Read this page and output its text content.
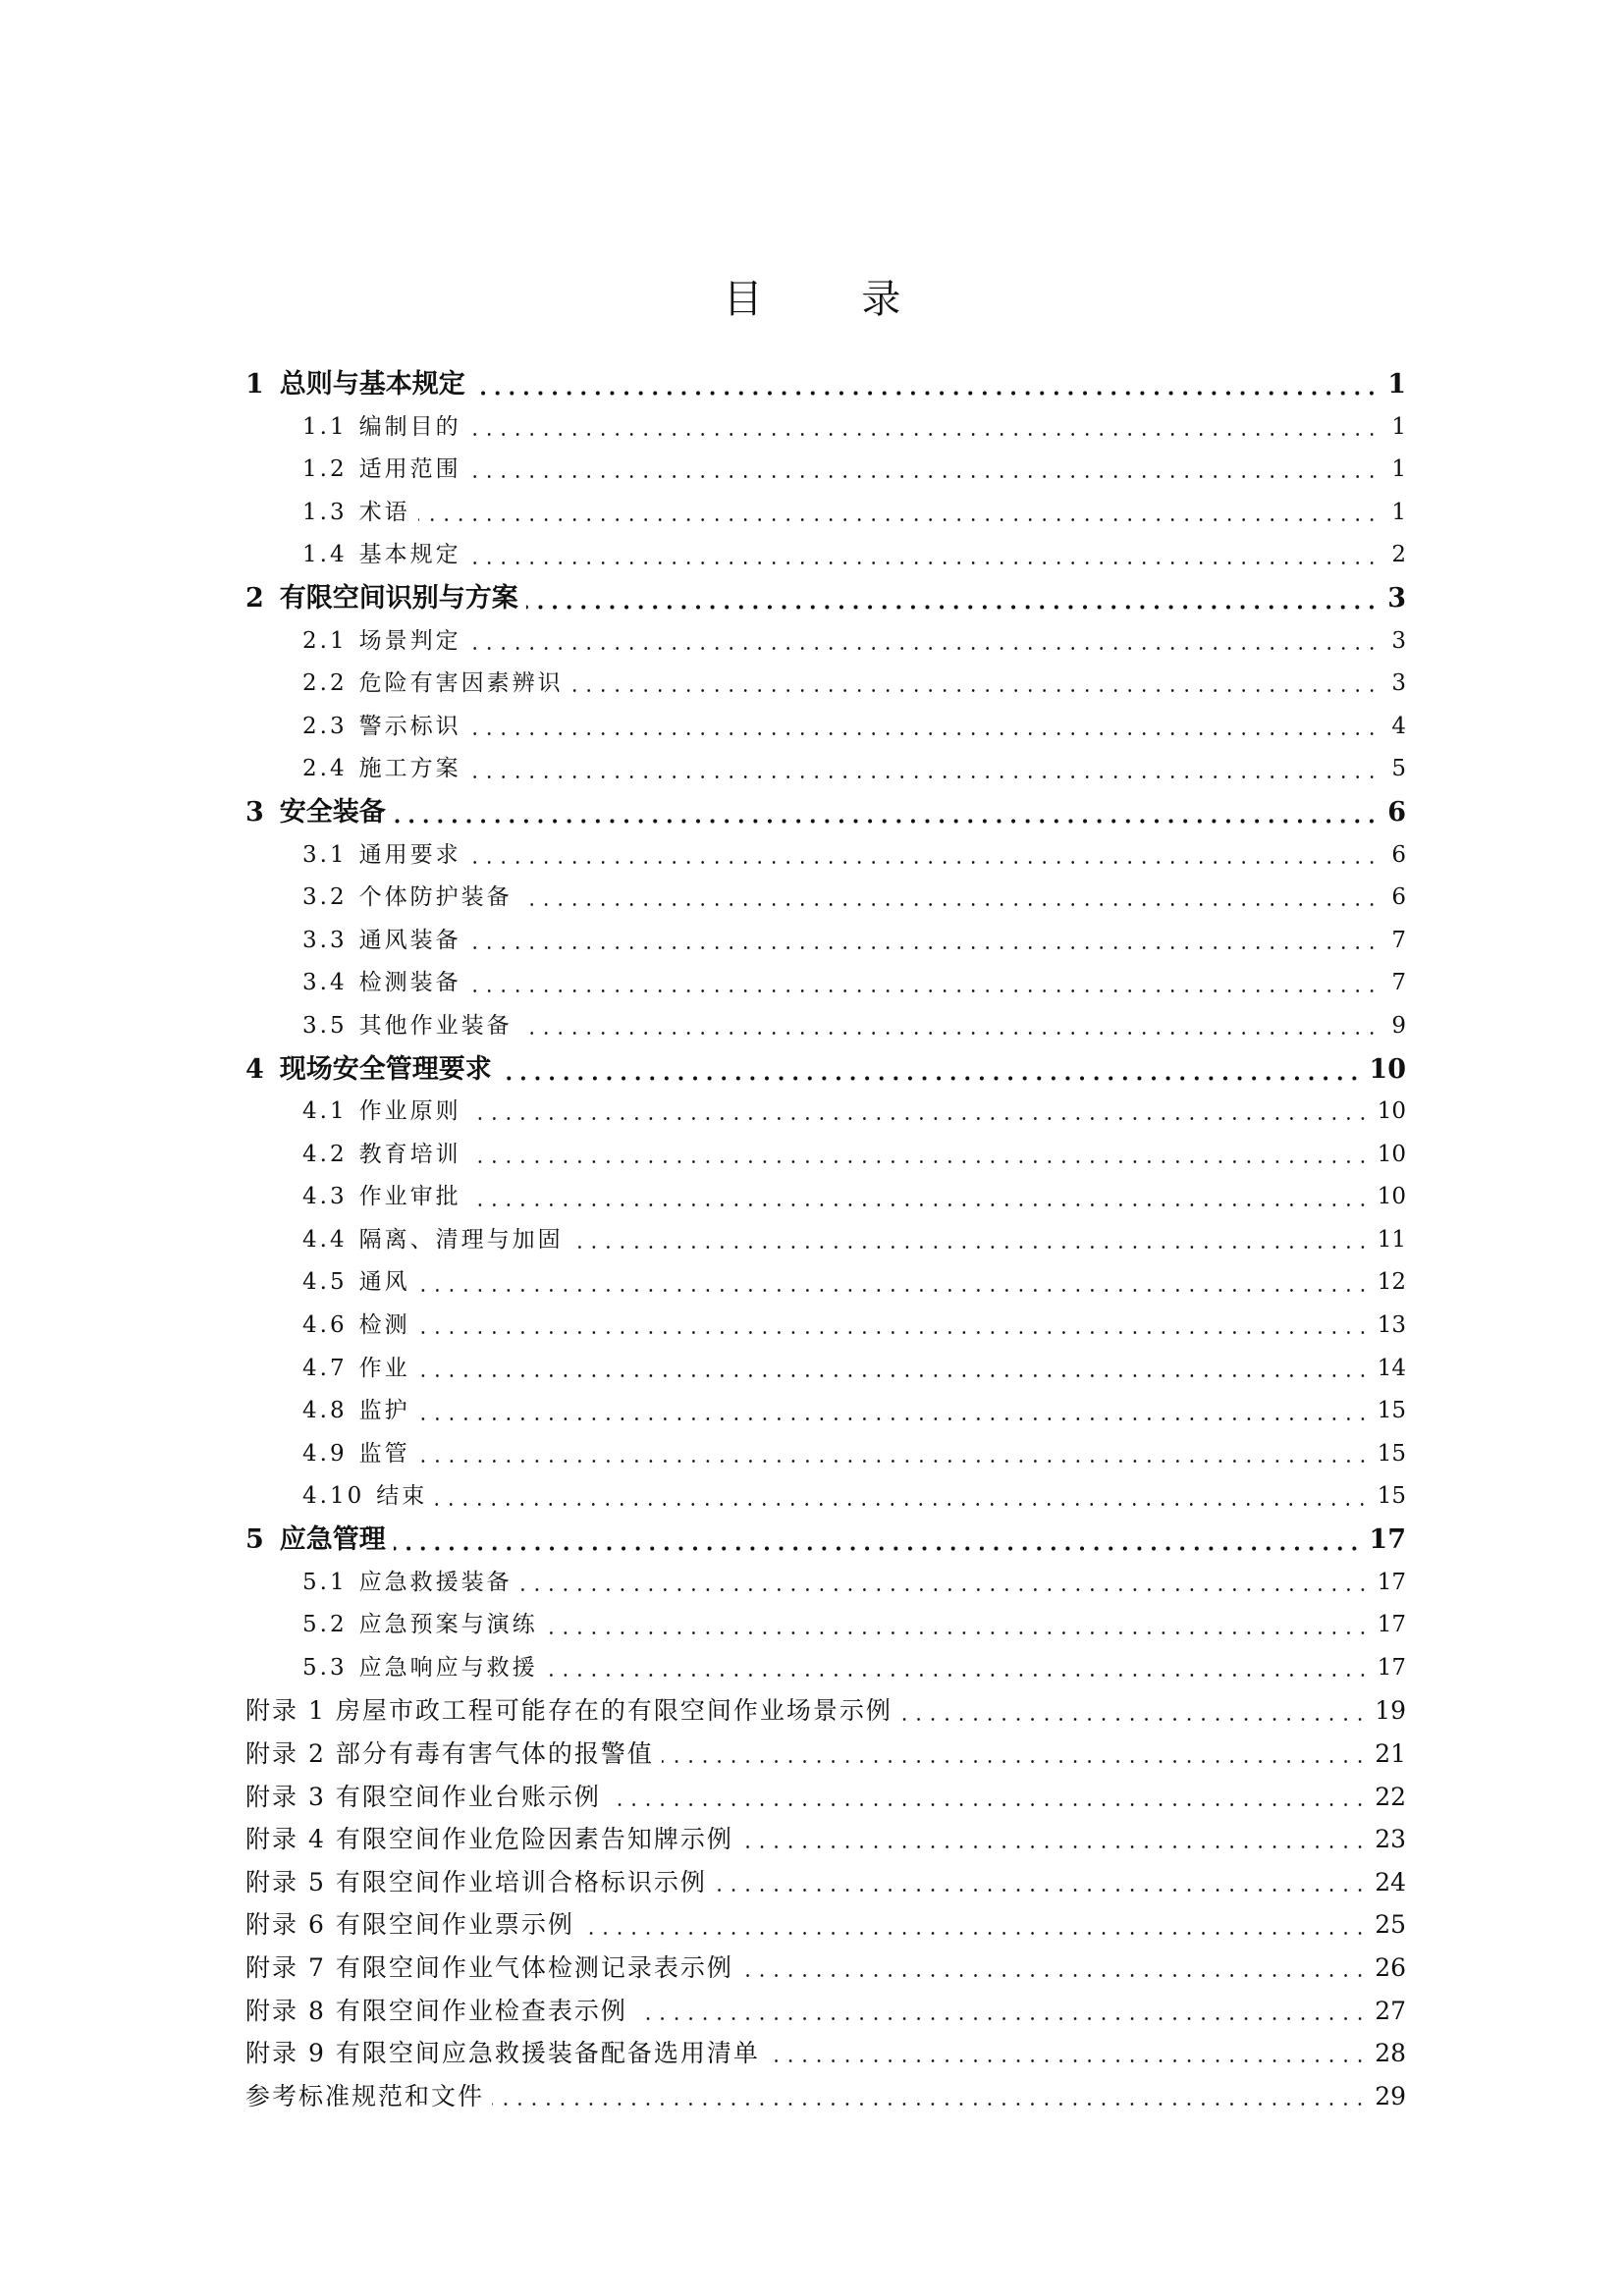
目 录
1 总则与基本规定	1
1.1 编制目的	1
1.2 适用范围	1
1.3 术语	1
1.4 基本规定	2
2 有限空间识别与方案	3
2.1 场景判定	3
2.2 危险有害因素辨识	3
2.3 警示标识	4
2.4 施工方案	5
3 安全装备	6
3.1 通用要求	6
3.2 个体防护装备	6
3.3 通风装备	7
3.4 检测装备	7
3.5 其他作业装备	9
4 现场安全管理要求	10
4.1 作业原则	10
4.2 教育培训	10
4.3 作业审批	10
4.4 隔离、清理与加固	11
4.5 通风	12
4.6 检测	13
4.7 作业	14
4.8 监护	15
4.9 监管	15
4.10 结束	15
5 应急管理	17
5.1 应急救援装备	17
5.2 应急预案与演练	17
5.3 应急响应与救援	17
附录 1 房屋市政工程可能存在的有限空间作业场景示例	19
附录 2 部分有毒有害气体的报警值	21
附录 3 有限空间作业台账示例	22
附录 4 有限空间作业危险因素告知牌示例	23
附录 5 有限空间作业培训合格标识示例	24
附录 6 有限空间作业票示例	25
附录 7 有限空间作业气体检测记录表示例	26
附录 8 有限空间作业检查表示例	27
附录 9 有限空间应急救援装备配备选用清单	28
参考标准规范和文件	29
